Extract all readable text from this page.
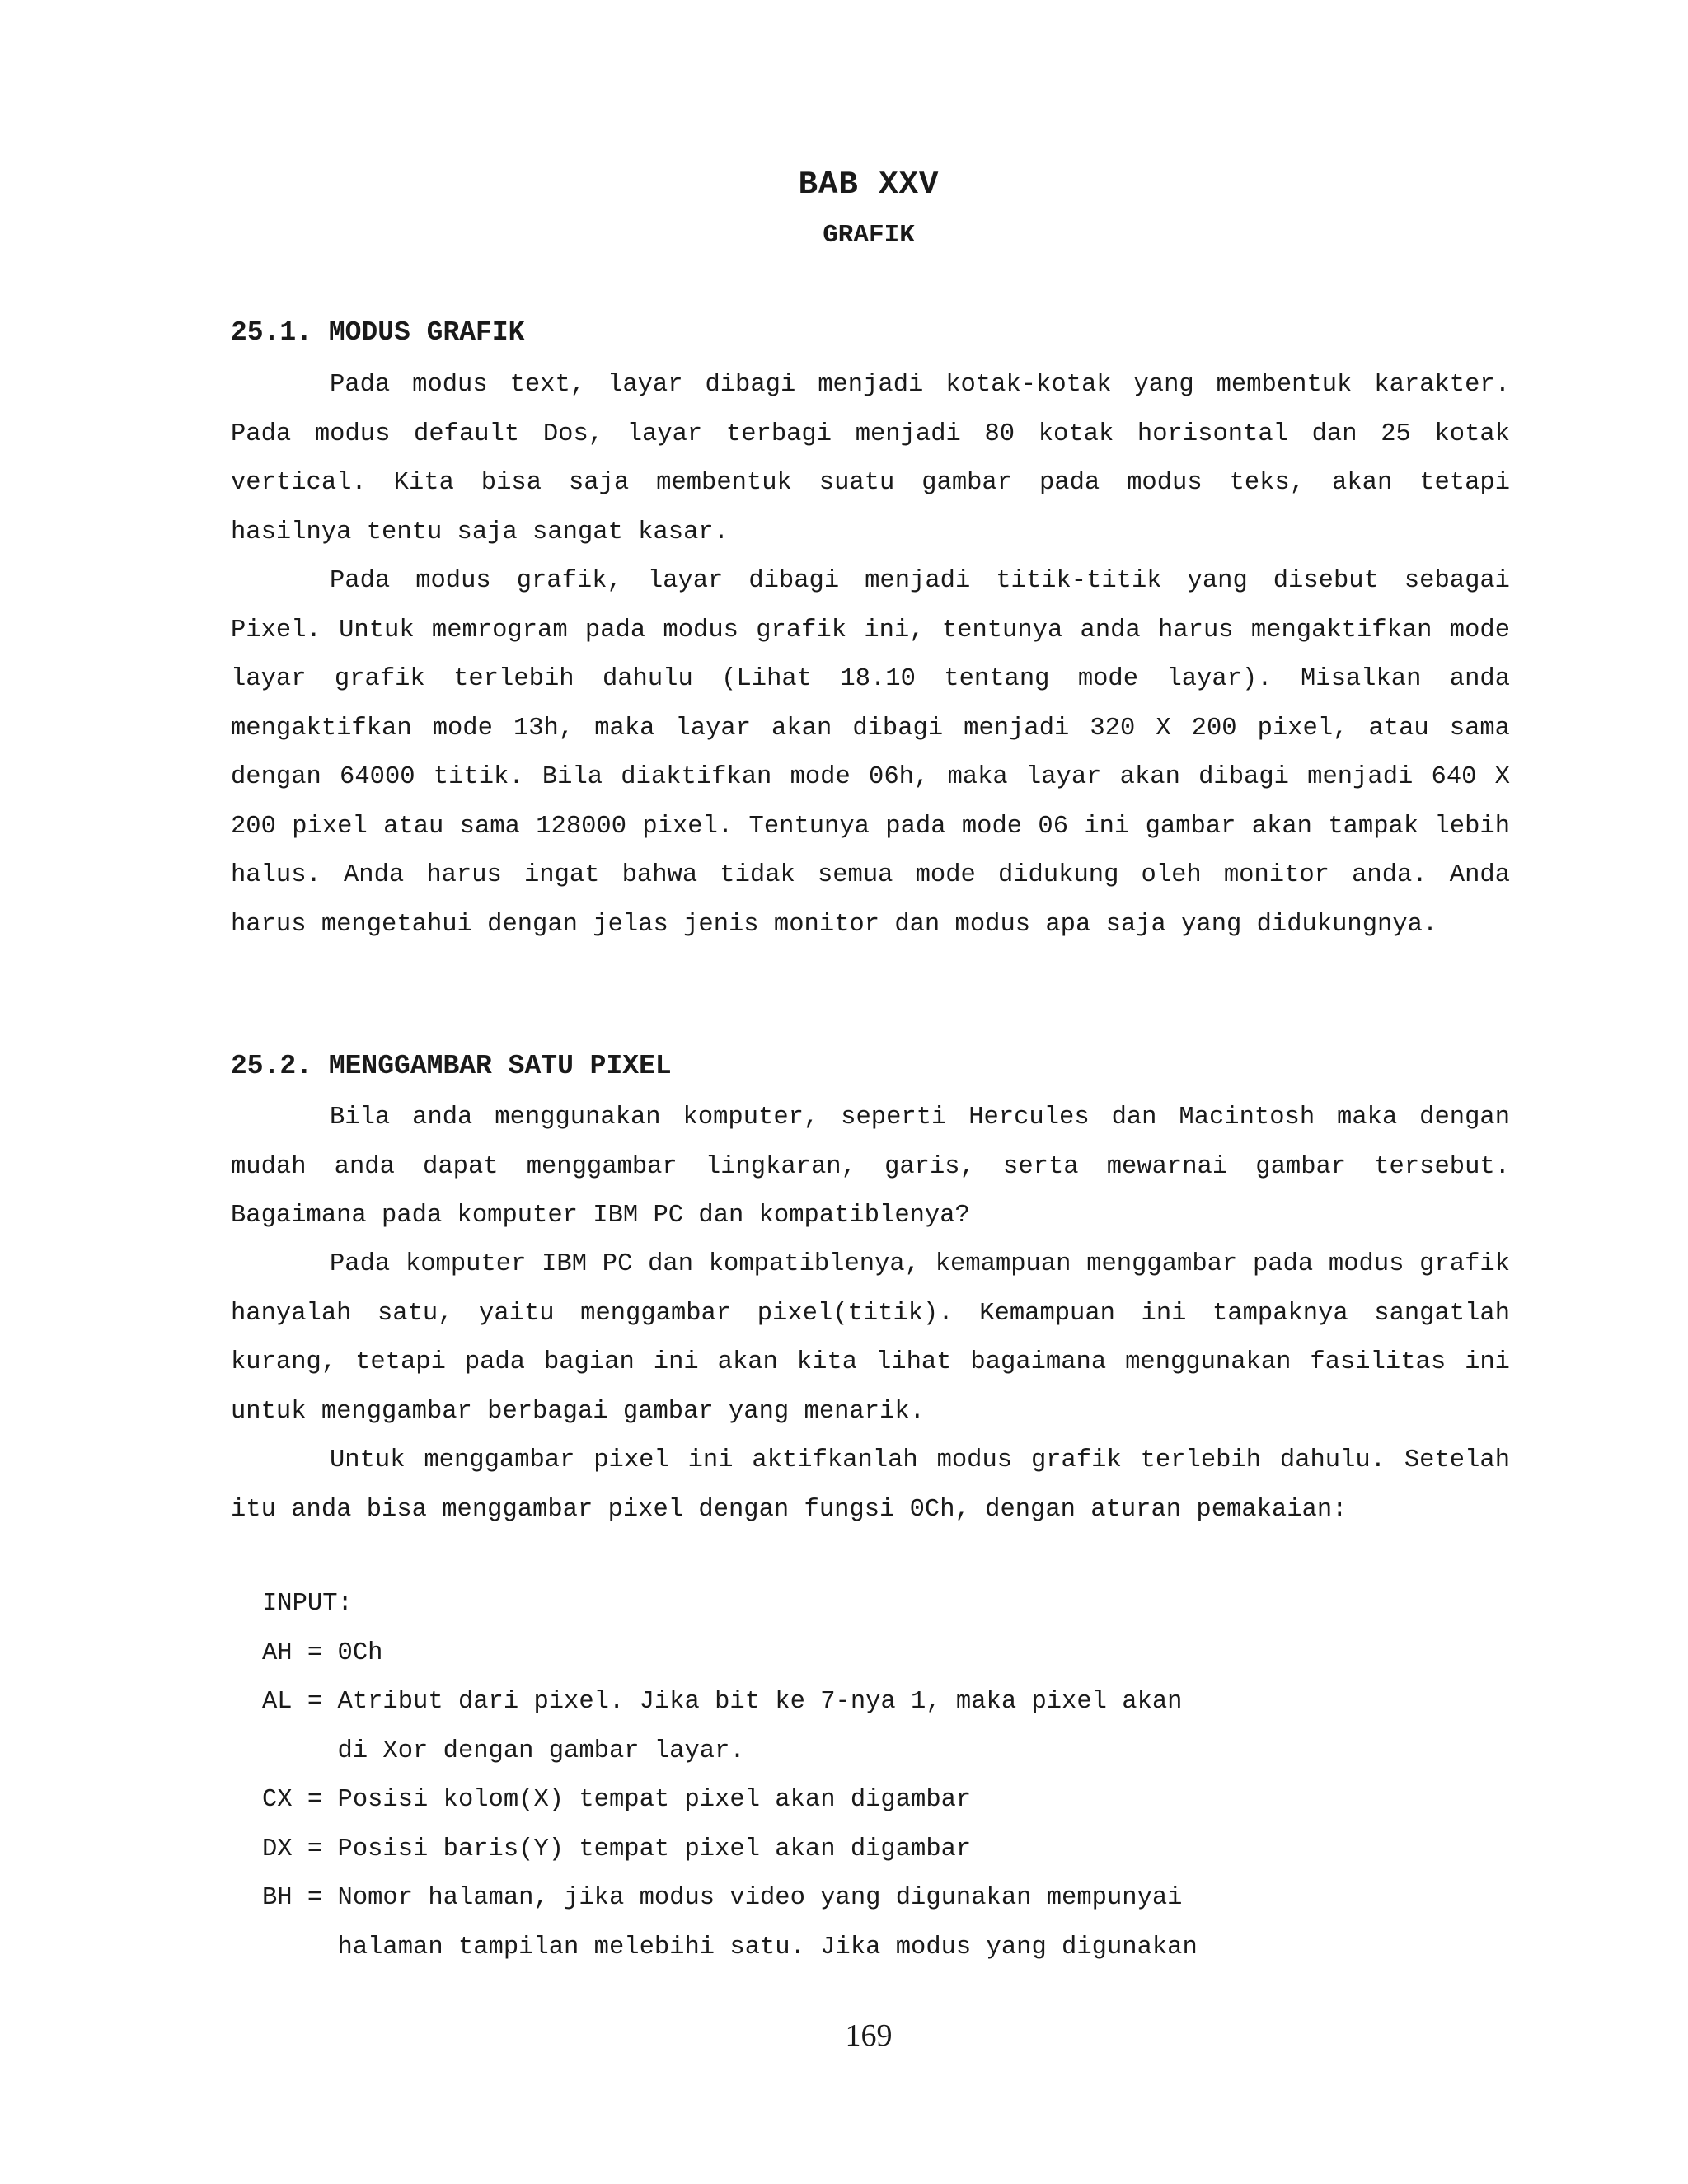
BAB XXV
GRAFIK
25.1. MODUS GRAFIK

Pada modus text, layar dibagi menjadi kotak-kotak yang membentuk karakter. Pada modus default Dos, layar terbagi menjadi 80 kotak horisontal dan 25 kotak vertical. Kita bisa saja membentuk suatu gambar pada modus teks, akan tetapi hasilnya tentu saja sangat kasar.

Pada modus grafik, layar dibagi menjadi titik-titik yang disebut sebagai Pixel. Untuk memrogram pada modus grafik ini, tentunya anda harus mengaktifkan mode layar grafik terlebih dahulu (Lihat 18.10 tentang mode layar). Misalkan anda mengaktifkan mode 13h, maka layar akan dibagi menjadi 320 X 200 pixel, atau sama dengan 64000 titik. Bila diaktifkan mode 06h, maka layar akan dibagi menjadi 640 X 200 pixel atau sama 128000 pixel. Tentunya pada mode 06 ini gambar akan tampak lebih halus. Anda harus ingat bahwa tidak semua mode didukung oleh monitor anda. Anda harus mengetahui dengan jelas jenis monitor dan modus apa saja yang didukungnya.

25.2. MENGGAMBAR SATU PIXEL

Bila anda menggunakan komputer, seperti Hercules dan Macintosh maka dengan mudah anda dapat menggambar lingkaran, garis, serta mewarnai gambar tersebut. Bagaimana pada komputer IBM PC dan kompatiblenya?

Pada komputer IBM PC dan kompatiblenya, kemampuan menggambar pada modus grafik hanyalah satu, yaitu menggambar pixel(titik). Kemampuan ini tampaknya sangatlah kurang, tetapi pada bagian ini akan kita lihat bagaimana menggunakan fasilitas ini untuk menggambar berbagai gambar yang menarik.

Untuk menggambar pixel ini aktifkanlah modus grafik terlebih dahulu. Setelah itu anda bisa menggambar pixel dengan fungsi 0Ch, dengan aturan pemakaian:

INPUT:
AH = 0Ch
AL = Atribut dari pixel. Jika bit ke 7-nya 1, maka pixel akan
di Xor dengan gambar layar.
CX = Posisi kolom(X) tempat pixel akan digambar
DX = Posisi baris(Y) tempat pixel akan digambar
BH = Nomor halaman, jika modus video yang digunakan mempunyai
halaman tampilan melebihi satu. Jika modus yang digunakan
169
